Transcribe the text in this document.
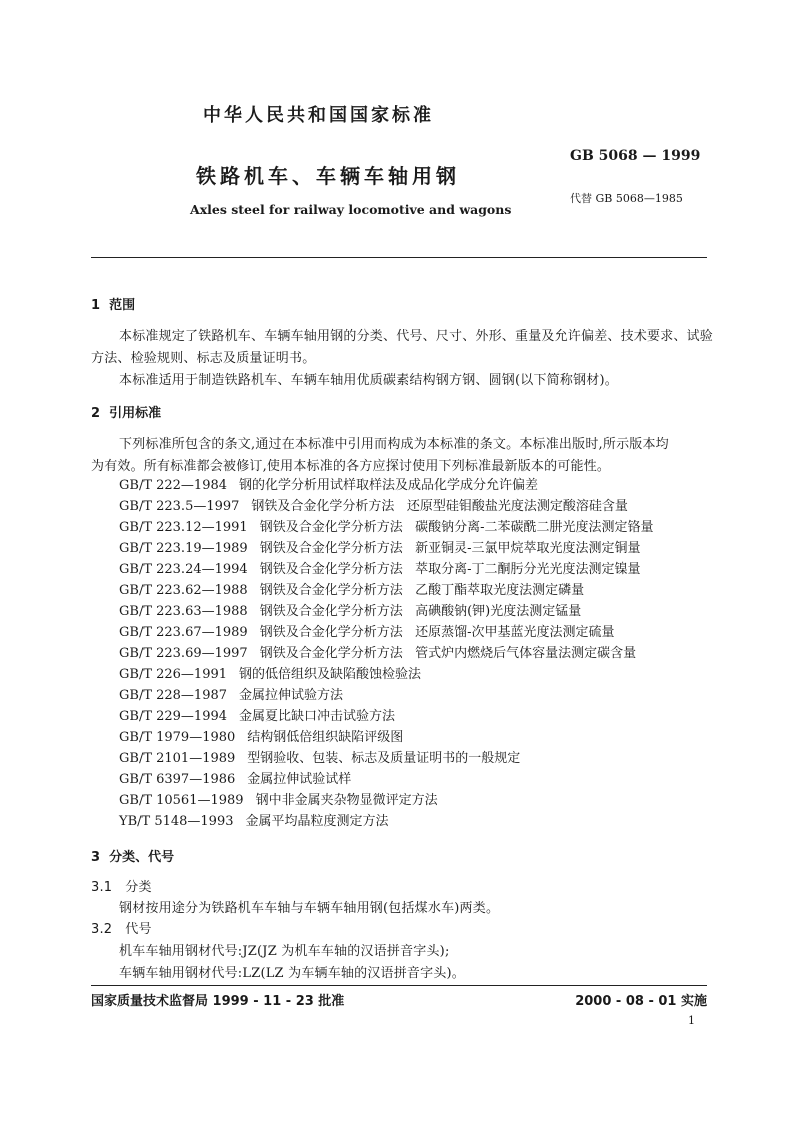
中华人民共和国国家标准
GB 5068 — 1999
铁路机车、车辆车轴用钢
代替 GB 5068—1985
Axles steel for railway locomotive and wagons
1  范围
本标准规定了铁路机车、车辆车轴用钢的分类、代号、尺寸、外形、重量及允许偏差、技术要求、试验
方法、检验规则、标志及质量证明书。
本标准适用于制造铁路机车、车辆车轴用优质碳素结构钢方钢、圆钢(以下简称钢材)。
2  引用标准
下列标准所包含的条文,通过在本标准中引用而构成为本标准的条文。本标准出版时,所示版本均
为有效。所有标准都会被修订,使用本标准的各方应探讨使用下列标准最新版本的可能性。
GB/T 222—1984 钢的化学分析用试样取样法及成品化学成分允许偏差
GB/T 223.5—1997 钢铁及合金化学分析方法   还原型硅钼酸盐光度法测定酸溶硅含量
GB/T 223.12—1991 钢铁及合金化学分析方法   碳酸钠分离-二苯碳酰二肼光度法测定铬量
GB/T 223.19—1989 钢铁及合金化学分析方法   新亚铜灵-三氯甲烷萃取光度法测定铜量
GB/T 223.24—1994 钢铁及合金化学分析方法   萃取分离-丁二酮肟分光光度法测定镍量
GB/T 223.62—1988 钢铁及合金化学分析方法   乙酸丁酯萃取光度法测定磷量
GB/T 223.63—1988 钢铁及合金化学分析方法   高碘酸钠(钾)光度法测定锰量
GB/T 223.67—1989 钢铁及合金化学分析方法   还原蒸馏-次甲基蓝光度法测定硫量
GB/T 223.69—1997 钢铁及合金化学分析方法   管式炉内燃烧后气体容量法测定碳含量
GB/T 226—1991 钢的低倍组织及缺陷酸蚀检验法
GB/T 228—1987 金属拉伸试验方法
GB/T 229—1994 金属夏比缺口冲击试验方法
GB/T 1979—1980 结构钢低倍组织缺陷评级图
GB/T 2101—1989 型钢验收、包装、标志及质量证明书的一般规定
GB/T 6397—1986 金属拉伸试验试样
GB/T 10561—1989 钢中非金属夹杂物显微评定方法
YB/T 5148—1993 金属平均晶粒度测定方法
3  分类、代号
3.1   分类
钢材按用途分为铁路机车车轴与车辆车轴用钢(包括煤水车)两类。
3.2   代号
机车车轴用钢材代号:JZ(JZ 为机车车轴的汉语拼音字头);
车辆车轴用钢材代号:LZ(LZ 为车辆车轴的汉语拼音字头)。
国家质量技术监督局 1999 - 11 - 23 批准	2000 - 08 - 01 实施
1
